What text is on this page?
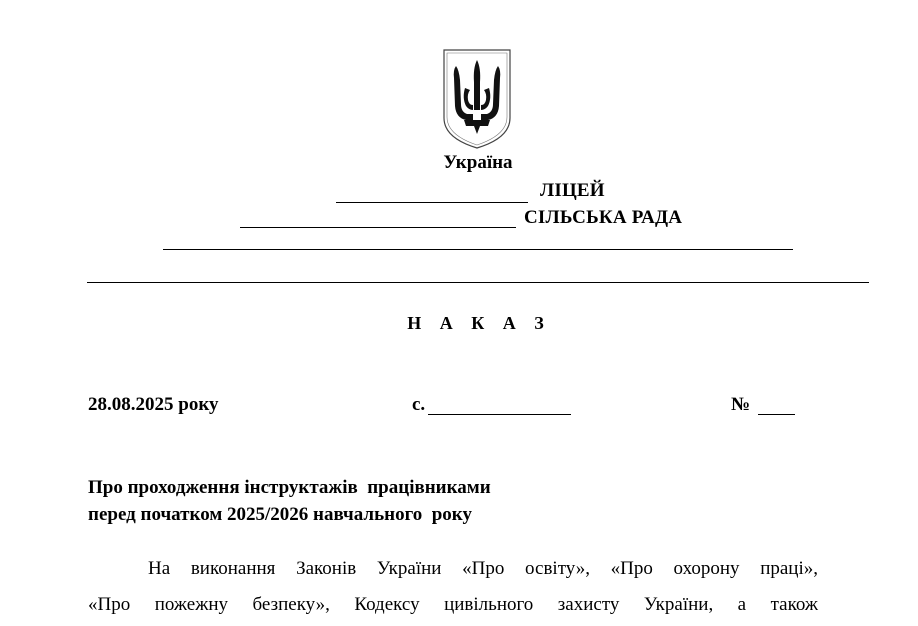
Україна
ЛІЦЕЙ
СІЛЬСЬКА РАДА
Н А К А З
28.08.2025 року	с.	№
Про проходження інструктажів  працівниками
перед початком 2025/2026 навчального  року
На виконання Законів України «Про освіту», «Про охорону праці»,
«Про пожежну безпеку», Кодексу цивільного захисту України, а також
